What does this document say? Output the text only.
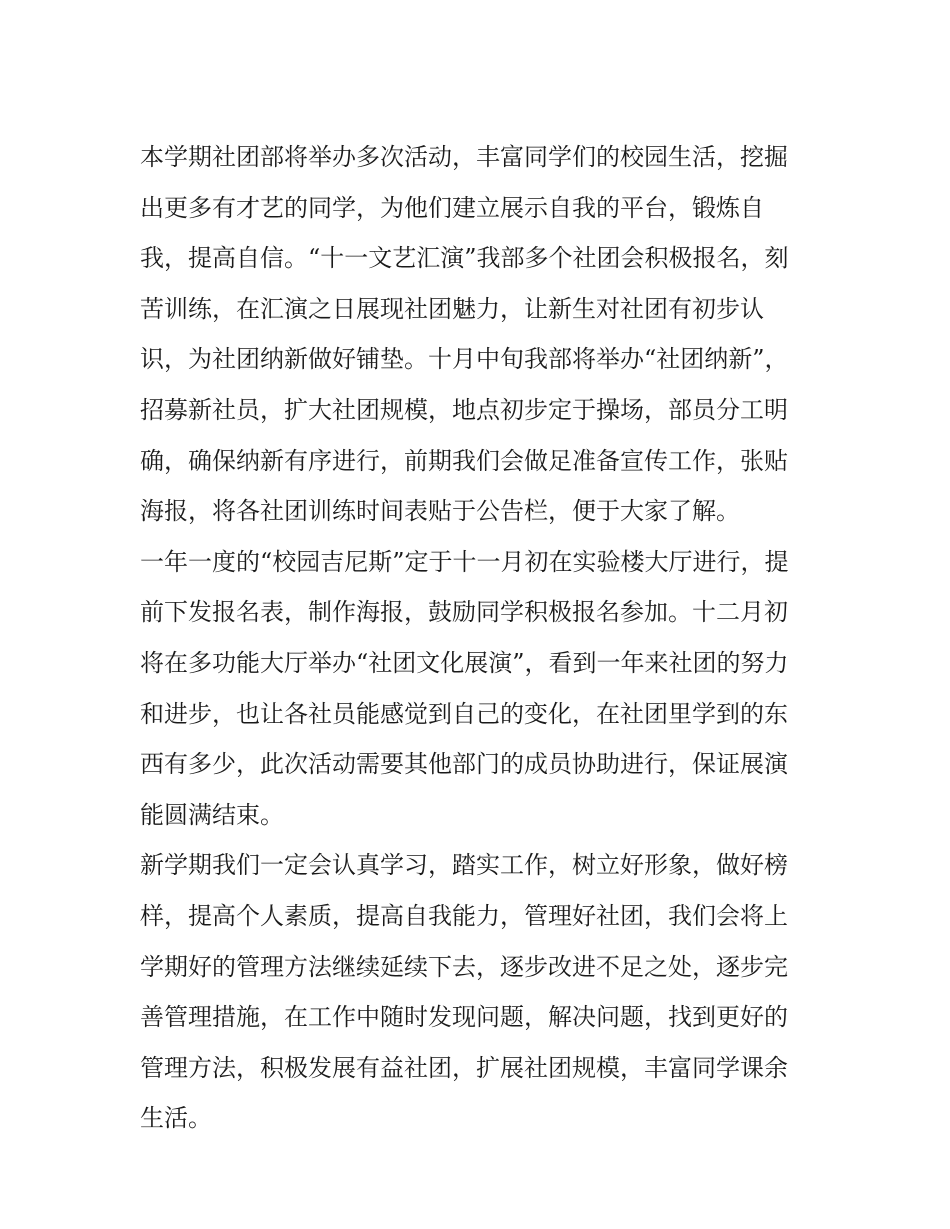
本学期社团部将举办多次活动，丰富同学们的校园生活，挖掘
出更多有才艺的同学，为他们建立展示自我的平台，锻炼自
我，提高自信。“十一文艺汇演”我部多个社团会积极报名，刻
苦训练，在汇演之日展现社团魅力，让新生对社团有初步认
识，为社团纳新做好铺垫。十月中旬我部将举办“社团纳新”，
招募新社员，扩大社团规模，地点初步定于操场，部员分工明
确，确保纳新有序进行，前期我们会做足准备宣传工作，张贴
海报，将各社团训练时间表贴于公告栏，便于大家了解。
一年一度的“校园吉尼斯”定于十一月初在实验楼大厅进行，提
前下发报名表，制作海报，鼓励同学积极报名参加。十二月初
将在多功能大厅举办“社团文化展演”，看到一年来社团的努力
和进步，也让各社员能感觉到自己的变化，在社团里学到的东
西有多少，此次活动需要其他部门的成员协助进行，保证展演
能圆满结束。
新学期我们一定会认真学习，踏实工作，树立好形象，做好榜
样，提高个人素质，提高自我能力，管理好社团，我们会将上
学期好的管理方法继续延续下去，逐步改进不足之处，逐步完
善管理措施，在工作中随时发现问题，解决问题，找到更好的
管理方法，积极发展有益社团，扩展社团规模，丰富同学课余
生活。
